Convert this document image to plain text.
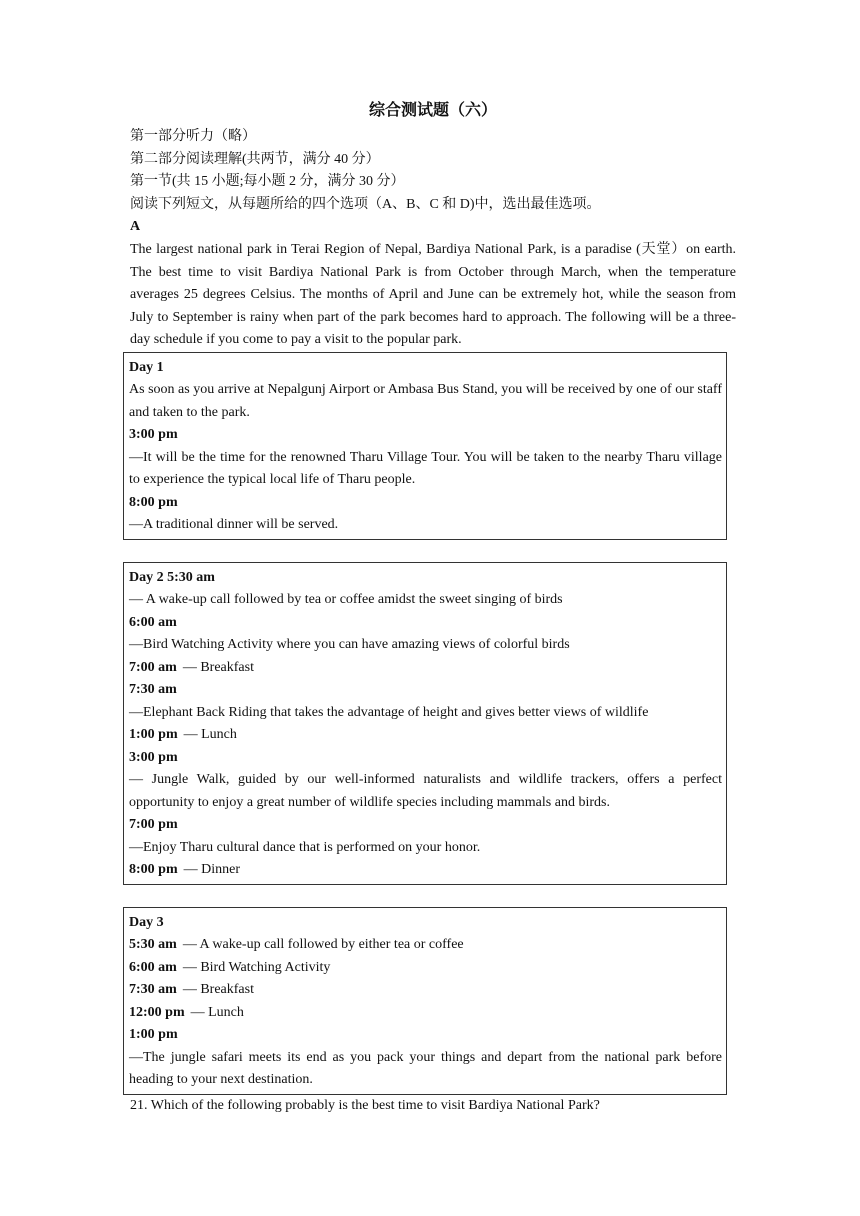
综合测试题（六）

第一部分听力（略）

第二部分阅读理解(共两节，满分 40 分）

第一节(共 15 小题;每小题 2 分，满分 30 分）

阅读下列短文，从每题所给的四个选项（A、B、C 和 D)中，选出最佳选项。

A

The largest national park in Terai Region of Nepal, Bardiya National Park, is a paradise (天堂）on earth. The best time to visit Bardiya National Park is from October through March, when the temperature averages 25 degrees Celsius. The months of April and June can be extremely hot, while the season from July to September is rainy when part of the park becomes hard to approach. The following will be a three-day schedule if you come to pay a visit to the popular park.

Day 1

As soon as you arrive at Nepalgunj Airport or Ambasa Bus Stand, you will be received by one of our staff and taken to the park.

3:00 pm

—It will be the time for the renowned Tharu Village Tour. You will be taken to the nearby Tharu village to experience the typical local life of Tharu people.

8:00 pm

—A traditional dinner will be served.

Day 2 5:30 am

— A wake-up call followed by tea or coffee amidst the sweet singing of birds

6:00 am

—Bird Watching Activity where you can have amazing views of colorful birds

7:00 am — Breakfast

7:30 am

—Elephant Back Riding that takes the advantage of height and gives better views of wildlife

1:00 pm — Lunch

3:00 pm

— Jungle Walk, guided by our well-informed naturalists and wildlife trackers, offers a perfect opportunity to enjoy a great number of wildlife species including mammals and birds.

7:00 pm

—Enjoy Tharu cultural dance that is performed on your honor.

8:00 pm — Dinner

Day 3

5:30 am — A wake-up call followed by either tea or coffee

6:00 am — Bird Watching Activity

7:30 am — Breakfast

12:00 pm — Lunch

1:00 pm

—The jungle safari meets its end as you pack your things and depart from the national park before heading to your next destination.

21. Which of the following probably is the best time to visit Bardiya National Park?
